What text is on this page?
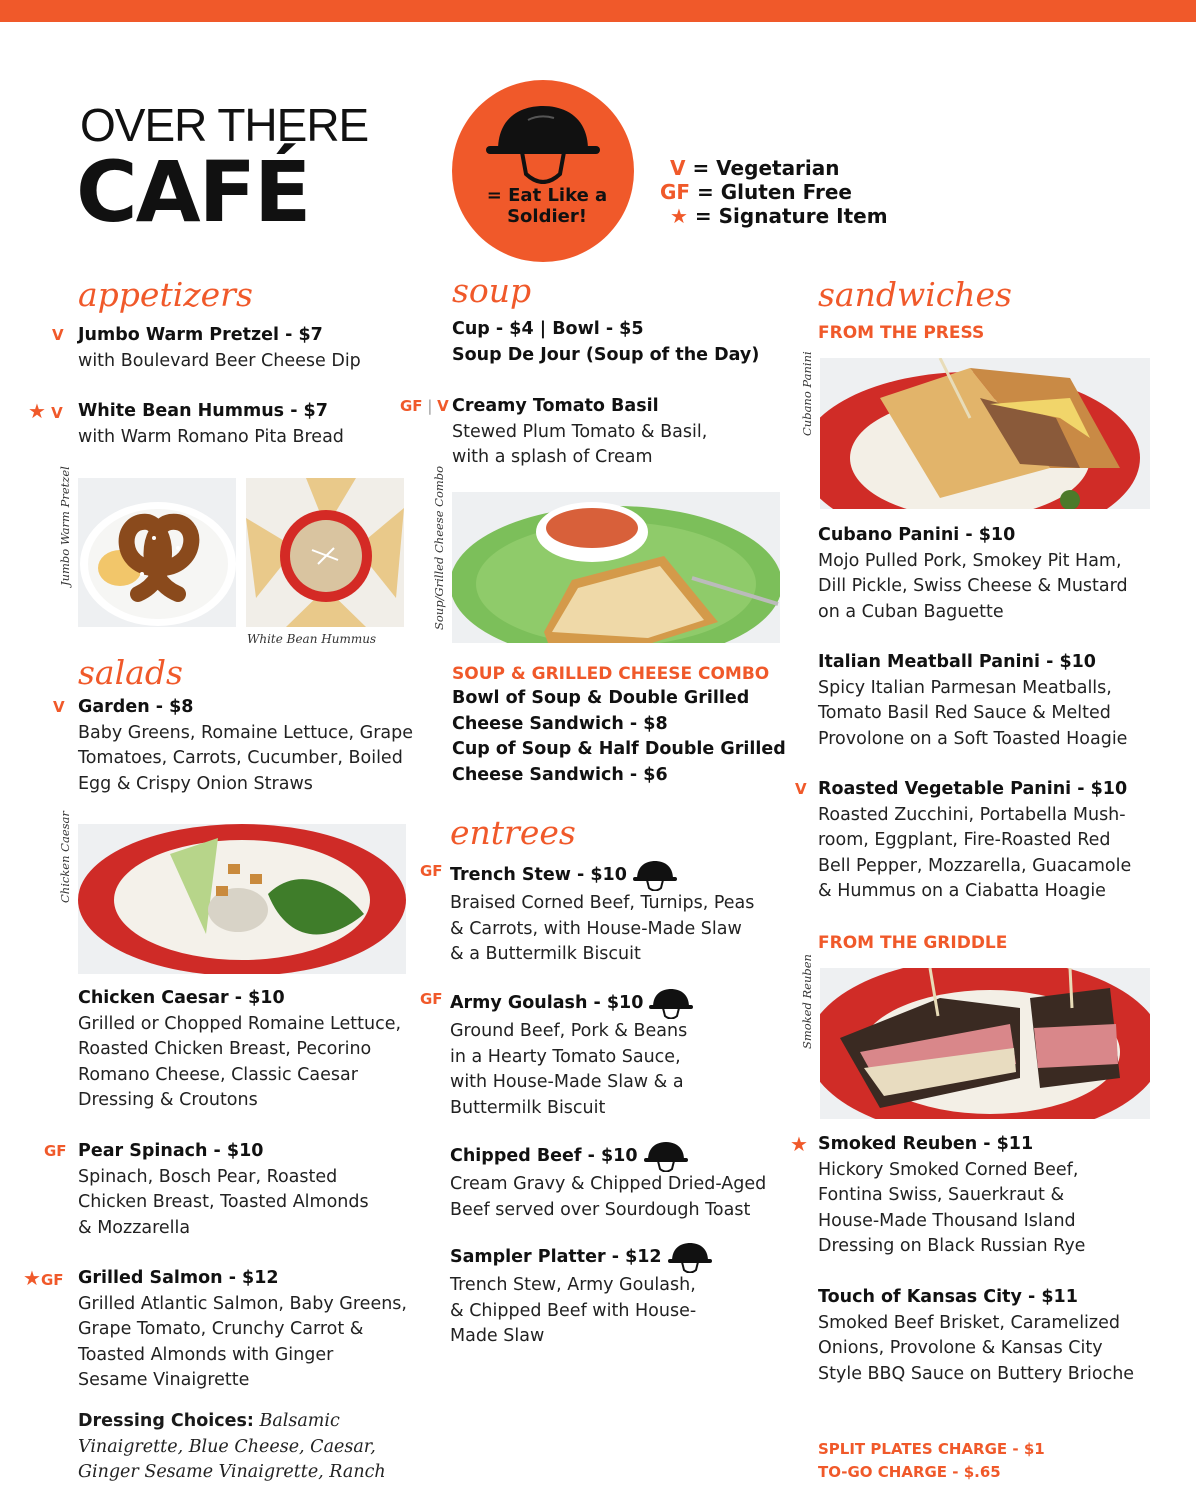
OVER THERE
CAFÉ	= Eat Like a Soldier!
V = Vegetarian
GF = Gluten Free
★ = Signature Item
appetizers
V Jumbo Warm Pretzel - $7
with Boulevard Beer Cheese Dip
★ V White Bean Hummus - $7
with Warm Romano Pita Bread
Jumbo Warm Pretzel
White Bean Hummus
salads
V Garden - $8
Baby Greens, Romaine Lettuce, Grape
Tomatoes, Carrots, Cucumber, Boiled
Egg & Crispy Onion Straws
Chicken Caesar
Chicken Caesar - $10
Grilled or Chopped Romaine Lettuce,
Roasted Chicken Breast, Pecorino
Romano Cheese, Classic Caesar
Dressing & Croutons
GF Pear Spinach - $10
Spinach, Bosch Pear, Roasted
Chicken Breast, Toasted Almonds
& Mozzarella
★GF Grilled Salmon - $12
Grilled Atlantic Salmon, Baby Greens,
Grape Tomato, Crunchy Carrot &
Toasted Almonds with Ginger
Sesame Vinaigrette
Dressing Choices: Balsamic
Vinaigrette, Blue Cheese, Caesar,
Ginger Sesame Vinaigrette, Ranch
soup
Cup - $4 | Bowl - $5
Soup De Jour (Soup of the Day)
GF | V Creamy Tomato Basil
Stewed Plum Tomato & Basil,
with a splash of Cream
Soup/Grilled Cheese Combo
SOUP & GRILLED CHEESE COMBO
Bowl of Soup & Double Grilled
Cheese Sandwich - $8
Cup of Soup & Half Double Grilled
Cheese Sandwich - $6
entrees
GF Trench Stew - $10
Braised Corned Beef, Turnips, Peas
& Carrots, with House-Made Slaw
& a Buttermilk Biscuit
GF Army Goulash - $10
Ground Beef, Pork & Beans
in a Hearty Tomato Sauce,
with House-Made Slaw & a
Buttermilk Biscuit
Chipped Beef - $10
Cream Gravy & Chipped Dried-Aged
Beef served over Sourdough Toast
Sampler Platter - $12
Trench Stew, Army Goulash,
& Chipped Beef with House-
Made Slaw
sandwiches
FROM THE PRESS
Cubano Panini
Cubano Panini - $10
Mojo Pulled Pork, Smokey Pit Ham,
Dill Pickle, Swiss Cheese & Mustard
on a Cuban Baguette
Italian Meatball Panini - $10
Spicy Italian Parmesan Meatballs,
Tomato Basil Red Sauce & Melted
Provolone on a Soft Toasted Hoagie
V Roasted Vegetable Panini - $10
Roasted Zucchini, Portabella Mush-
room, Eggplant, Fire-Roasted Red
Bell Pepper, Mozzarella, Guacamole
& Hummus on a Ciabatta Hoagie
FROM THE GRIDDLE
Smoked Reuben
★ Smoked Reuben - $11
Hickory Smoked Corned Beef,
Fontina Swiss, Sauerkraut &
House-Made Thousand Island
Dressing on Black Russian Rye
Touch of Kansas City - $11
Smoked Beef Brisket, Caramelized
Onions, Provolone & Kansas City
Style BBQ Sauce on Buttery Brioche
SPLIT PLATES CHARGE - $1
TO-GO CHARGE - $.65
